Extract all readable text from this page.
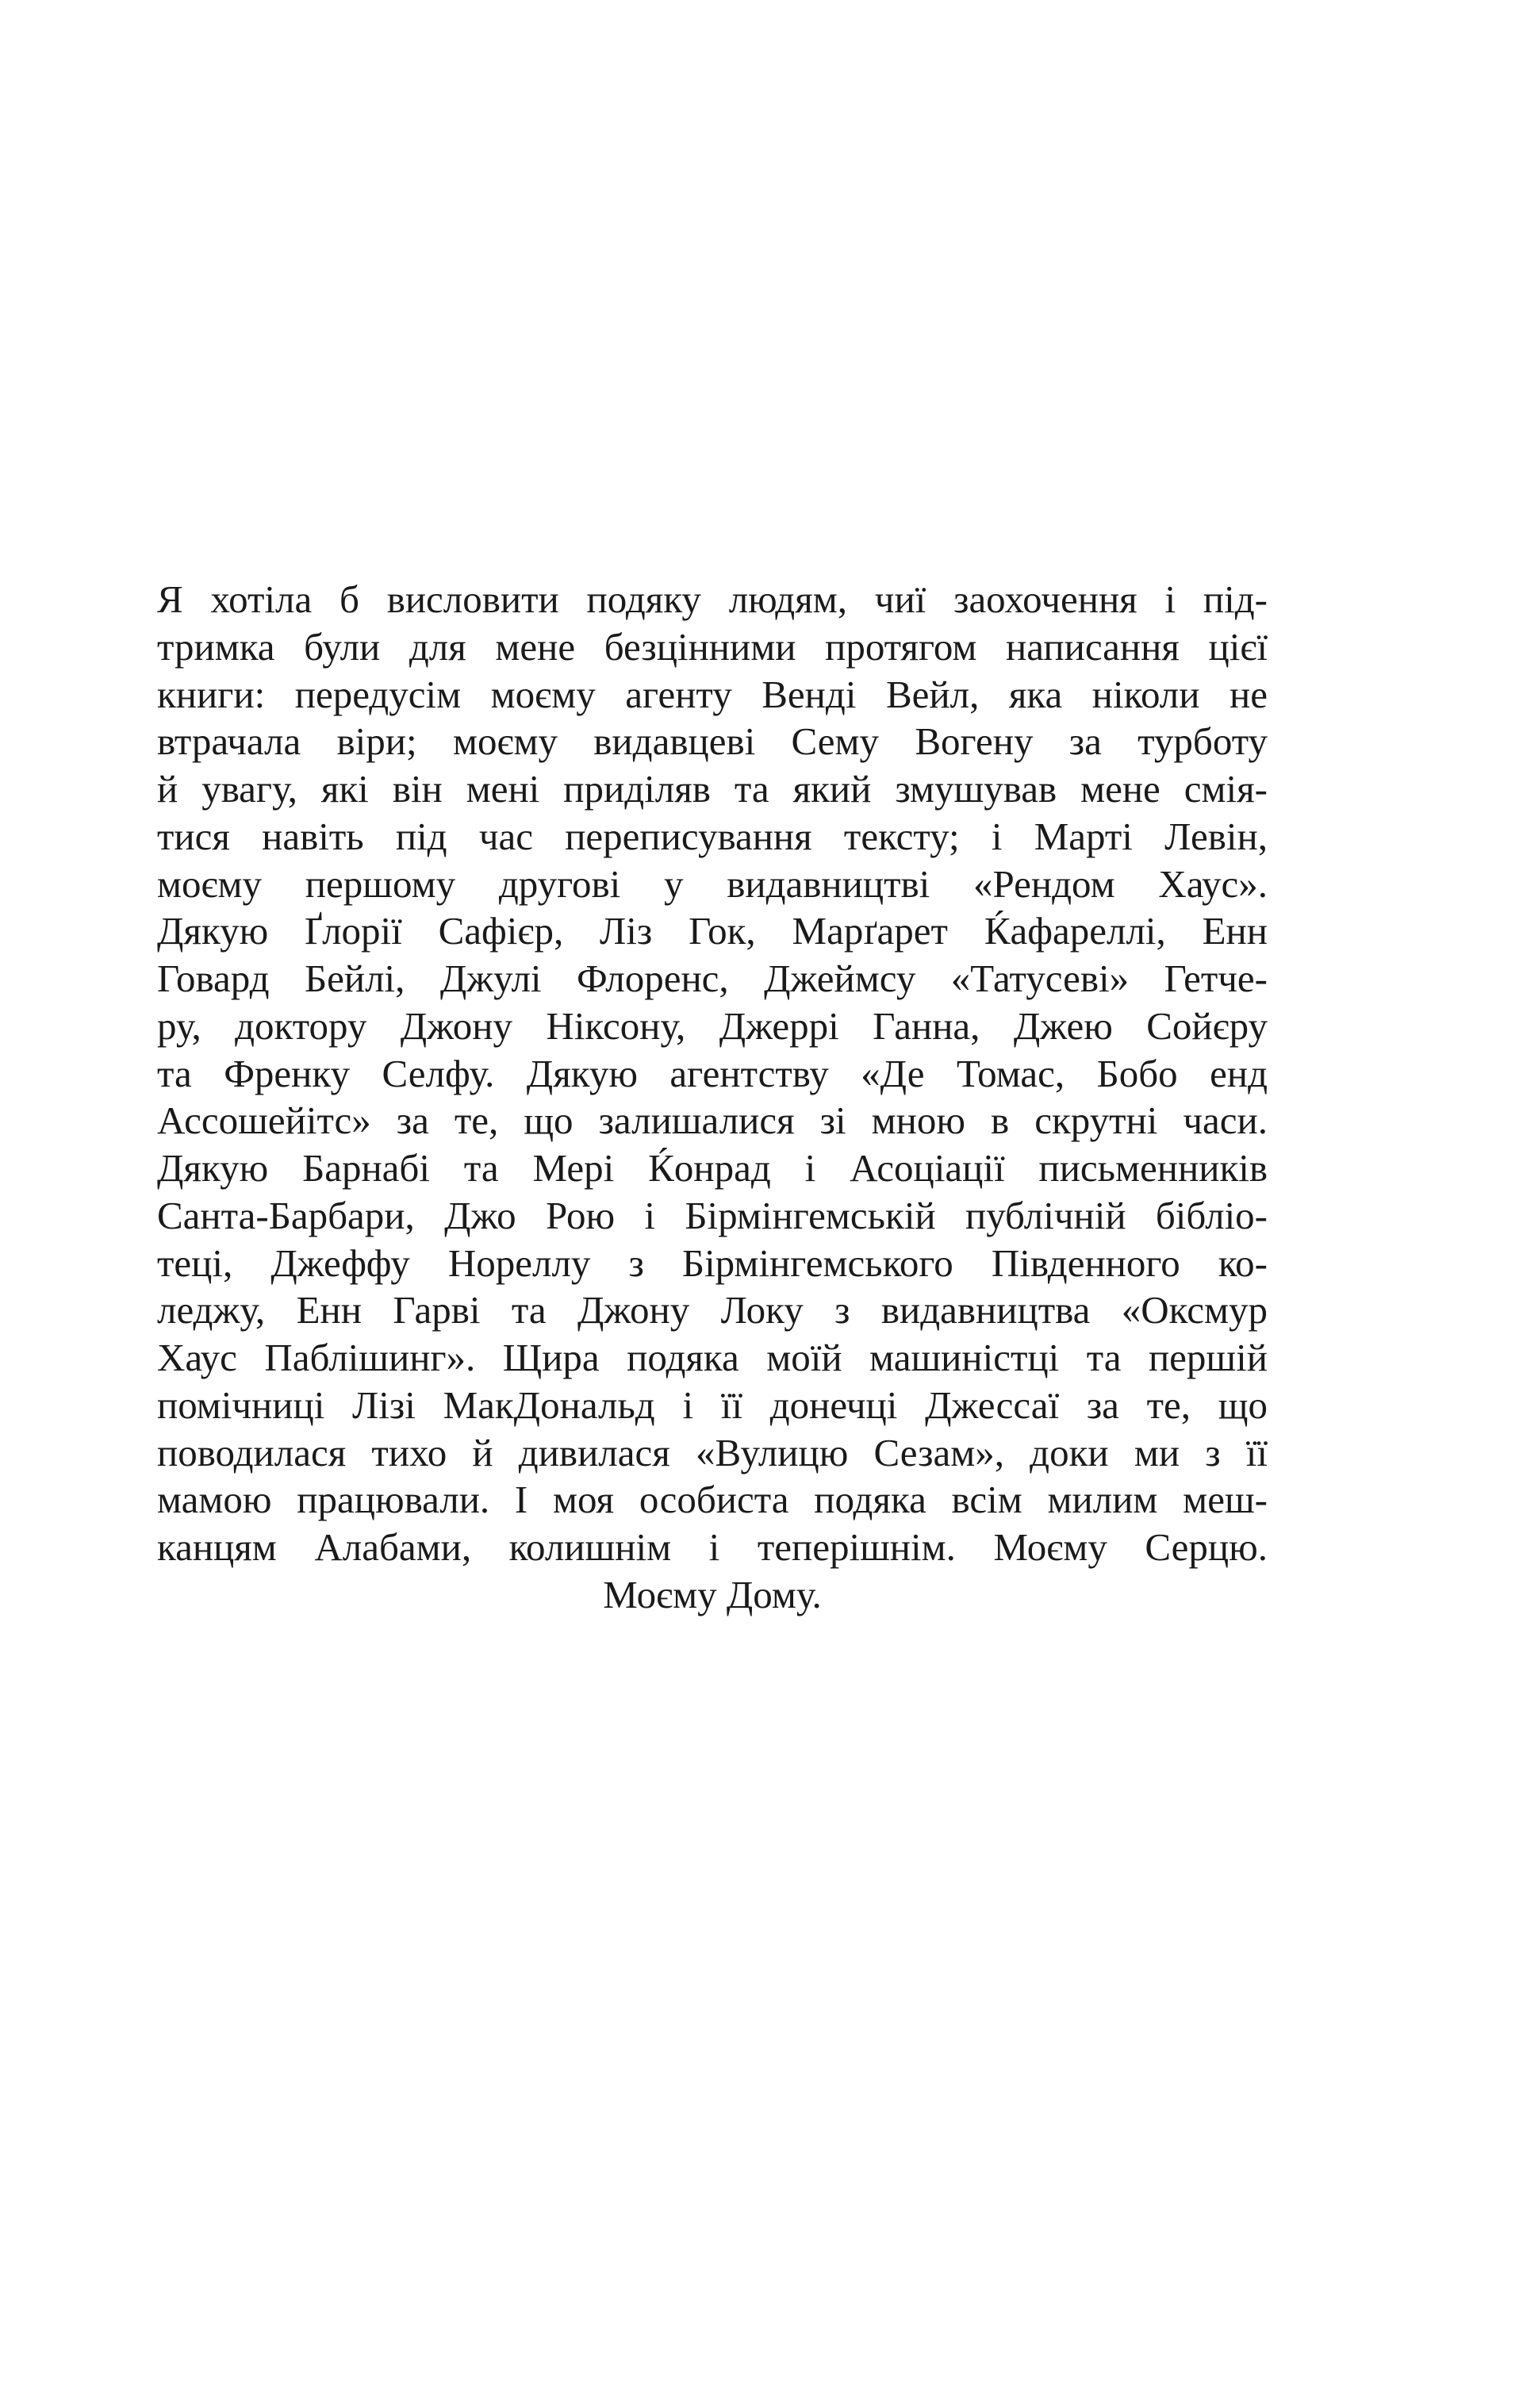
Я хотіла б висловити подяку людям, чиї заохочення і під-
тримка були для мене безцінними протягом написання цієї
книги: передусім моєму агенту Венді Вейл, яка ніколи не
втрачала віри; моєму видавцеві Сему Вогену за турботу
й увагу, які він мені приділяв та який змушував мене смія-
тися навіть під час переписування тексту; і Марті Левін,
моєму першому другові у видавництві «Рендом Хаус».
Дякую Ґлорії Сафієр, Ліз Гок, Марґарет Ќафареллі, Енн
Говард Бейлі, Джулі Флоренс, Джеймсу «Татусеві» Гетче-
ру, доктору Джону Ніксону, Джеррі Ганна, Джею Сойєру
та Френку Селфу. Дякую агентству «Де Томас, Бобо енд
Ассошейітс» за те, що залишалися зі мною в скрутні часи.
Дякую Барнабі та Мері Ќонрад і Асоціації письменників
Санта-Барбари, Джо Рою і Бірмінгемській публічній бібліо-
теці, Джеффу Нореллу з Бірмінгемського Південного ко-
леджу, Енн Гарві та Джону Локу з видавництва «Оксмур
Хаус Паблішинг». Щира подяка моїй машиністці та першій
помічниці Лізі МакДональд і її донечці Джессаї за те, що
поводилася тихо й дивилася «Вулицю Сезам», доки ми з її
мамою працювали. І моя особиста подяка всім милим меш-
канцям Алабами, колишнім і теперішнім. Моєму Серцю.
Моєму Дому.
